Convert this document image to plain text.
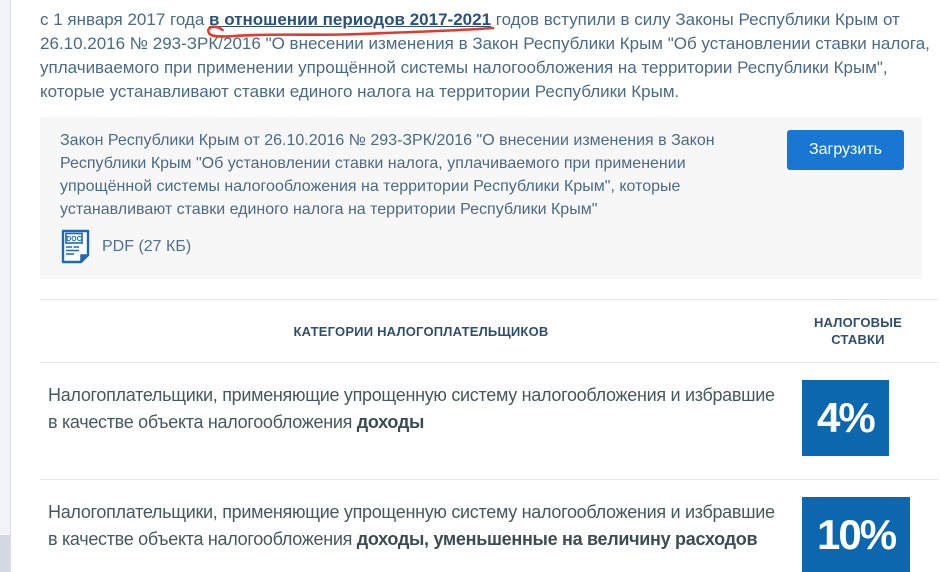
с 1 января 2017 года в отношении периодов 2017-2021
годов вступили в силу Законы Республики Крым от 26.10.2016 № 293-ЗРК/2016 "О внесении изменения в Закон Республики Крым "Об установлении ставки налога, уплачиваемого при применении упрощённой системы налогообложения на территории Республики Крым", которые устанавливают ставки единого налога на территории Республики Крым.

Закон Республики Крым от 26.10.2016 № 293-ЗРК/2016 "О внесении изменения в Закон Республики Крым "Об установлении ставки налога, уплачиваемого при применении упрощённой системы налогообложения на территории Республики Крым", которые устанавливают ставки единого налога на территории Республики Крым"

Загрузить
DOC PDF (27 КБ)
КАТЕГОРИИ НАЛОГОПЛАТЕЛЬЩИКОВ
НАЛОГОВЫЕ СТАВКИ

Налогоплательщики, применяющие упрощенную систему налогообложения и избравшие в качестве объекта налогообложения доходы	4%

Налогоплательщики, применяющие упрощенную систему налогообложения и избравшие в качестве объекта налогообложения доходы, уменьшенные на величину расходов	10%
